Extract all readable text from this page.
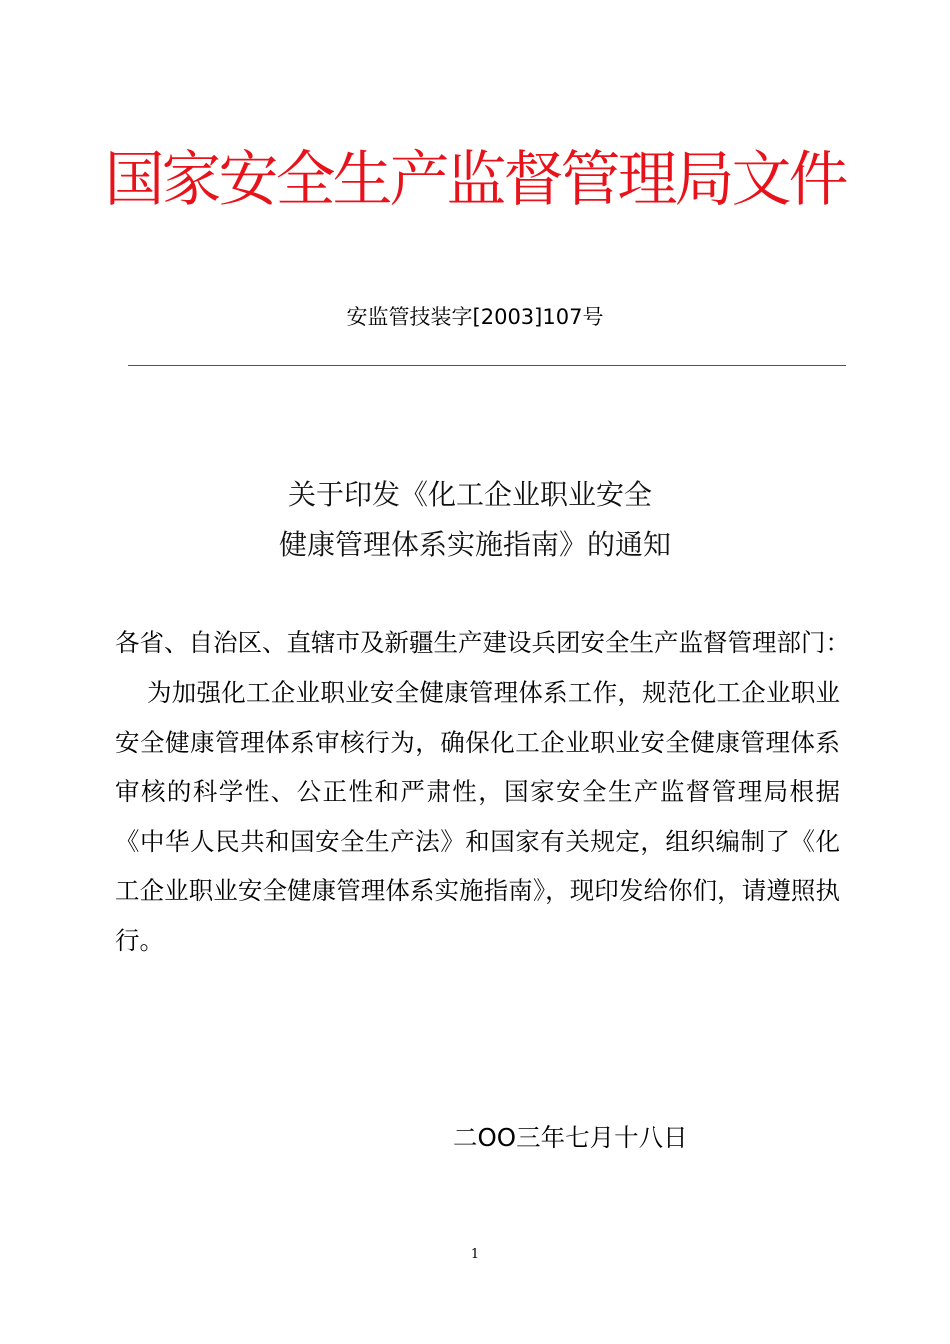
国家安全生产监督管理局文件
安监管技装字[2003]107号
关于印发《化工企业职业安全
健康管理体系实施指南》的通知
各省、自治区、直辖市及新疆生产建设兵团安全生产监督管理部门：
为加强化工企业职业安全健康管理体系工作，规范化工企业职业安全健康管理体系审核行为，确保化工企业职业安全健康管理体系审核的科学性、公正性和严肃性，国家安全生产监督管理局根据《中华人民共和国安全生产法》和国家有关规定，组织编制了《化工企业职业安全健康管理体系实施指南》，现印发给你们，请遵照执行。
二OO三年七月十八日
1
